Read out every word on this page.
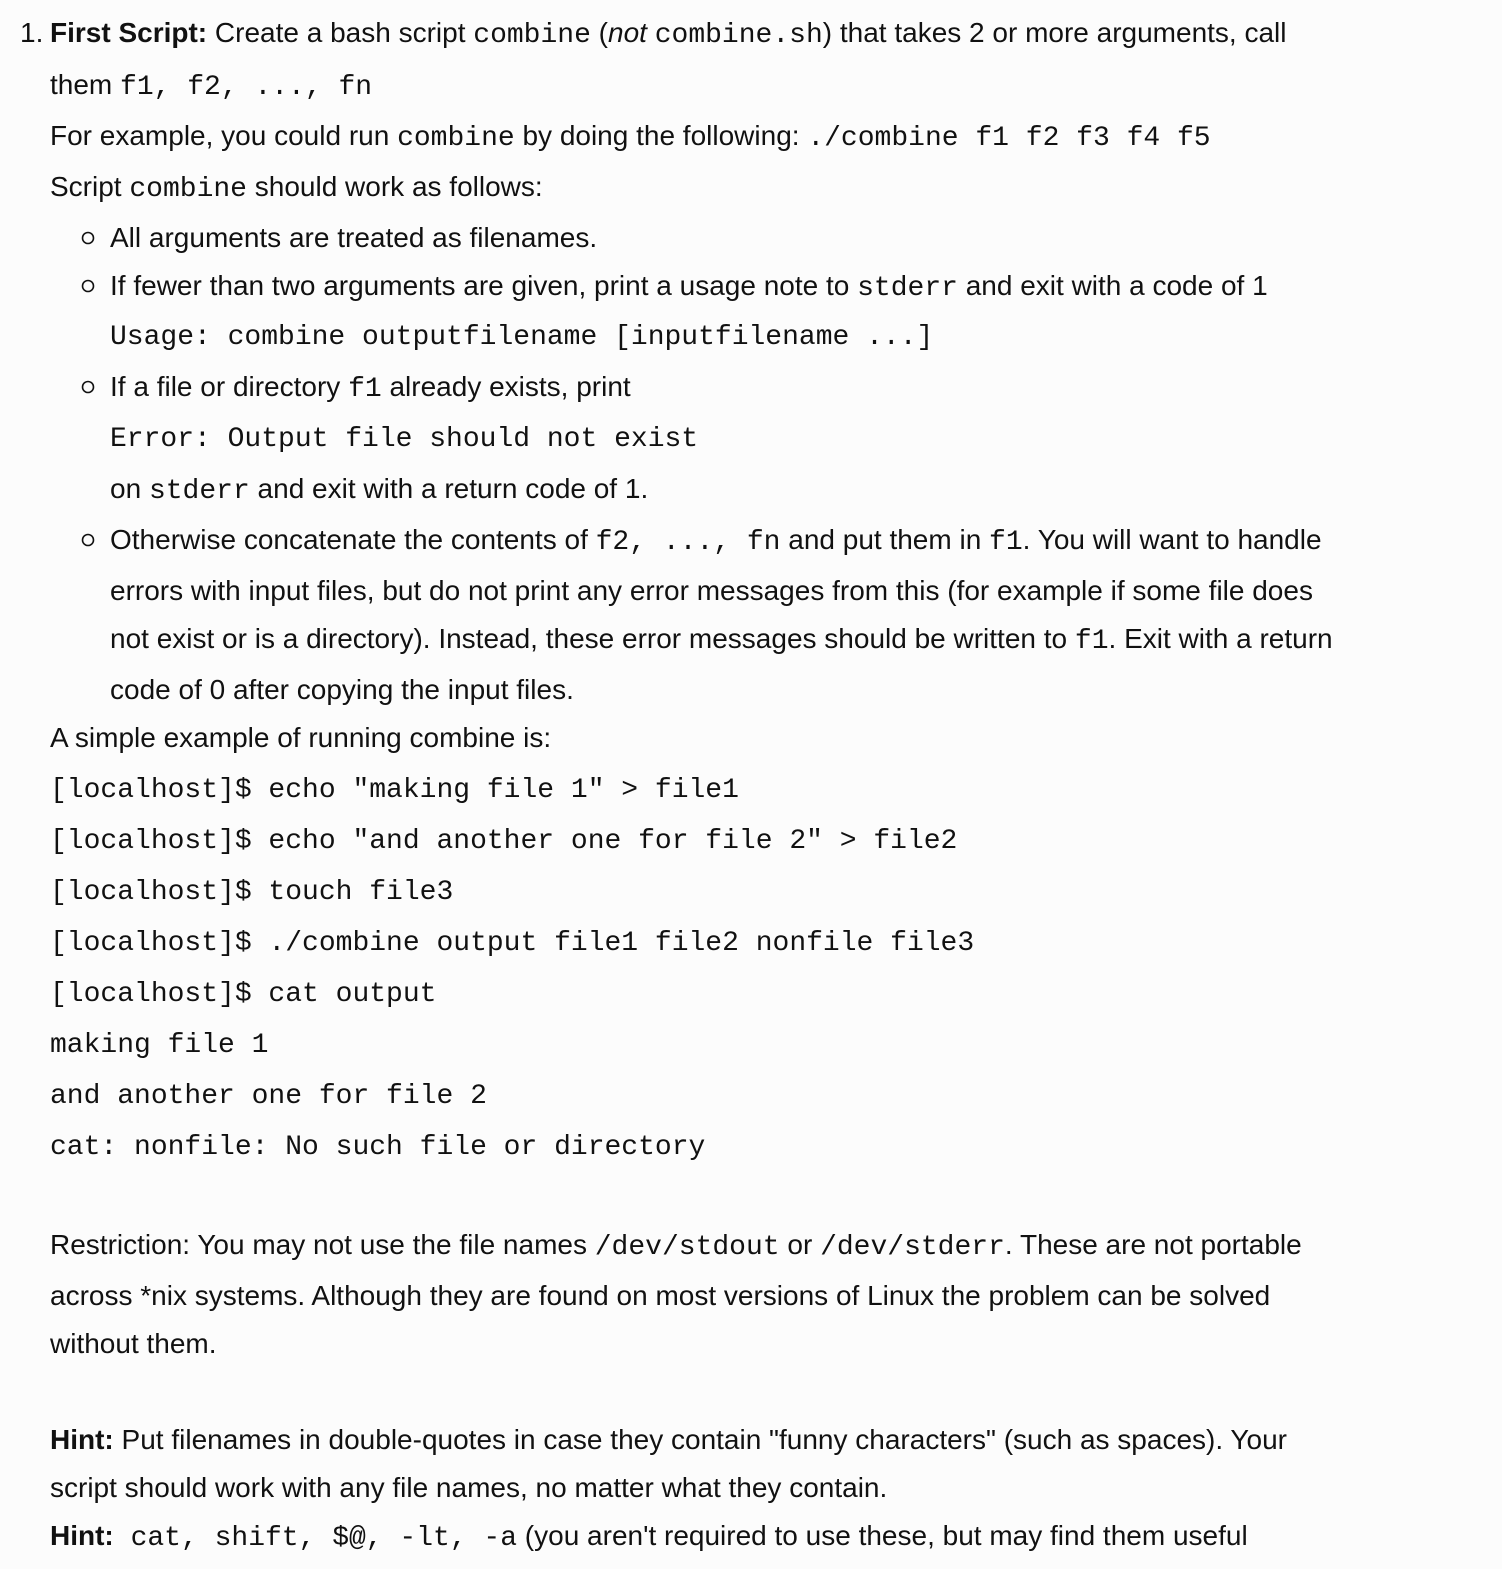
1. First Script: Create a bash script combine (not combine.sh) that takes 2 or more arguments, call
them f1, f2, ..., fn
For example, you could run combine by doing the following: ./combine f1 f2 f3 f4 f5
Script combine should work as follows:
All arguments are treated as filenames.
If fewer than two arguments are given, print a usage note to stderr and exit with a code of 1
Usage: combine outputfilename [inputfilename ...]
If a file or directory f1 already exists, print
Error: Output file should not exist
on stderr and exit with a return code of 1.
Otherwise concatenate the contents of f2, ..., fn and put them in f1. You will want to handle
errors with input files, but do not print any error messages from this (for example if some file does
not exist or is a directory). Instead, these error messages should be written to f1. Exit with a return
code of 0 after copying the input files.
A simple example of running combine is:
[localhost]$ echo "making file 1" > file1
[localhost]$ echo "and another one for file 2" > file2
[localhost]$ touch file3
[localhost]$ ./combine output file1 file2 nonfile file3
[localhost]$ cat output
making file 1
and another one for file 2
cat: nonfile: No such file or directory
Restriction: You may not use the file names /dev/stdout or /dev/stderr. These are not portable
across *nix systems. Although they are found on most versions of Linux the problem can be solved
without them.
Hint: Put filenames in double-quotes in case they contain "funny characters" (such as spaces). Your
script should work with any file names, no matter what they contain.
Hint: cat, shift, $@, -lt, -a (you aren't required to use these, but may find them useful
